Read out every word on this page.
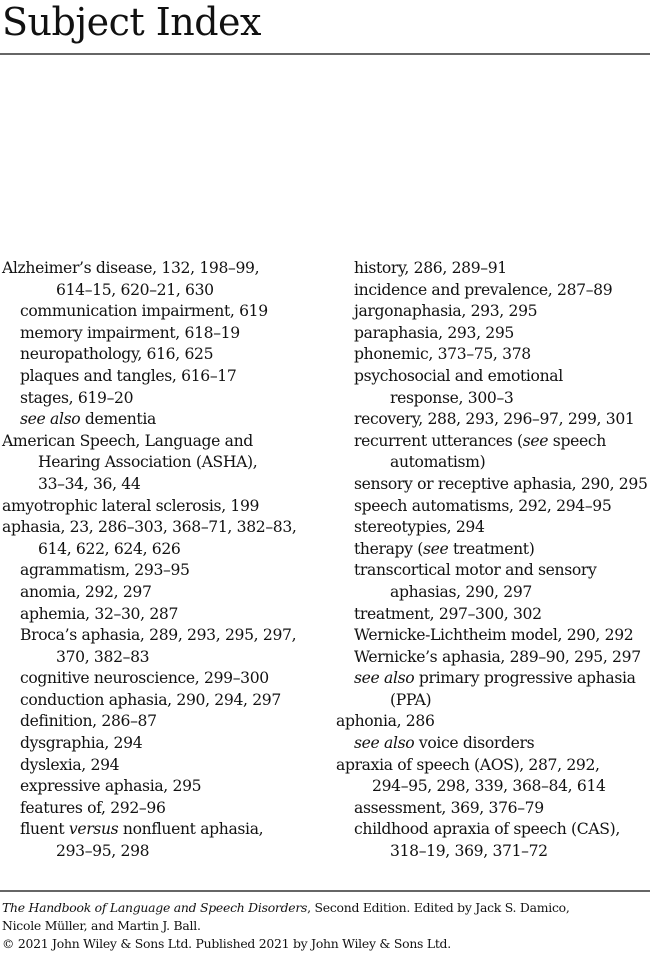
Subject Index
Alzheimer’s disease, 132, 198–99,
614–15, 620–21, 630
communication impairment, 619
memory impairment, 618–19
neuropathology, 616, 625
plaques and tangles, 616–17
stages, 619–20
see also dementia
American Speech, Language and
Hearing Association (ASHA),
33–34, 36, 44
amyotrophic lateral sclerosis, 199
aphasia, 23, 286–303, 368–71, 382–83,
614, 622, 624, 626
agrammatism, 293–95
anomia, 292, 297
aphemia, 32–30, 287
Broca’s aphasia, 289, 293, 295, 297,
370, 382–83
cognitive neuroscience, 299–300
conduction aphasia, 290, 294, 297
definition, 286–87
dysgraphia, 294
dyslexia, 294
expressive aphasia, 295
features of, 292–96
fluent versus nonfluent aphasia,
293–95, 298
history, 286, 289–91
incidence and prevalence, 287–89
jargonaphasia, 293, 295
paraphasia, 293, 295
phonemic, 373–75, 378
psychosocial and emotional
response, 300–3
recovery, 288, 293, 296–97, 299, 301
recurrent utterances (see speech
automatism)
sensory or receptive aphasia, 290, 295
speech automatisms, 292, 294–95
stereotypies, 294
therapy (see treatment)
transcortical motor and sensory
aphasias, 290, 297
treatment, 297–300, 302
Wernicke-Lichtheim model, 290, 292
Wernicke’s aphasia, 289–90, 295, 297
see also primary progressive aphasia
(PPA)
aphonia, 286
see also voice disorders
apraxia of speech (AOS), 287, 292,
294–95, 298, 339, 368–84, 614
assessment, 369, 376–79
childhood apraxia of speech (CAS),
318–19, 369, 371–72
The Handbook of Language and Speech Disorders, Second Edition. Edited by Jack S. Damico,
Nicole Müller, and Martin J. Ball.
© 2021 John Wiley & Sons Ltd. Published 2021 by John Wiley & Sons Ltd.
